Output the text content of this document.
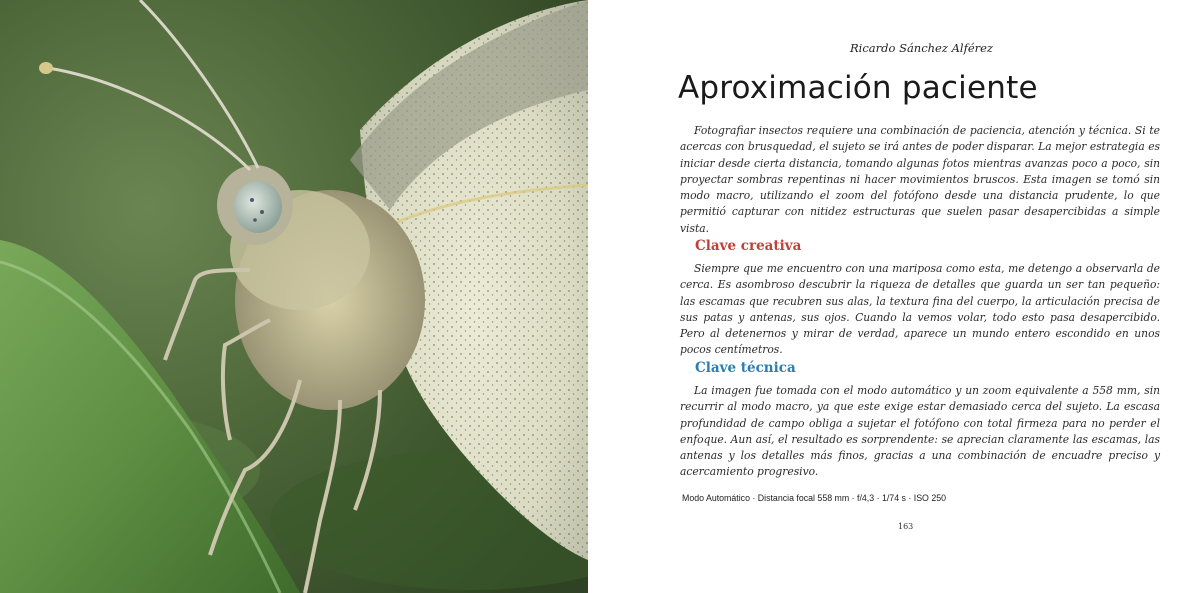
Ricardo Sánchez Alférez
Aproximación paciente

Fotografiar insectos requiere una combinación de paciencia, atención y técnica. Si te acercas con brusquedad, el sujeto se irá antes de poder disparar. La mejor estrategia es iniciar desde cierta distancia, tomando algunas fotos mientras avanzas poco a poco, sin proyectar sombras repentinas ni hacer movimientos bruscos. Esta imagen se tomó sin modo macro, utilizando el zoom del fotófono desde una distancia prudente, lo que permitió capturar con nitidez estructuras que suelen pasar desapercibidas a simple vista.

Clave creativa

Siempre que me encuentro con una mariposa como esta, me detengo a observarla de cerca. Es asombroso descubrir la riqueza de detalles que guarda un ser tan pequeño: las escamas que recubren sus alas, la textura fina del cuerpo, la articulación precisa de sus patas y antenas, sus ojos. Cuando la vemos volar, todo esto pasa desapercibido. Pero al detenernos y mirar de verdad, aparece un mundo entero escondido en unos pocos centímetros.

Clave técnica

La imagen fue tomada con el modo automático y un zoom equivalente a 558 mm, sin recurrir al modo macro, ya que este exige estar demasiado cerca del sujeto. La escasa profundidad de campo obliga a sujetar el fotófono con total firmeza para no perder el enfoque. Aun así, el resultado es sorprendente: se aprecian claramente las escamas, las antenas y los detalles más finos, gracias a una combinación de encuadre preciso y acercamiento progresivo.

Modo Automático · Distancia focal 558 mm · f/4,3 · 1/74 s · ISO 250
163
